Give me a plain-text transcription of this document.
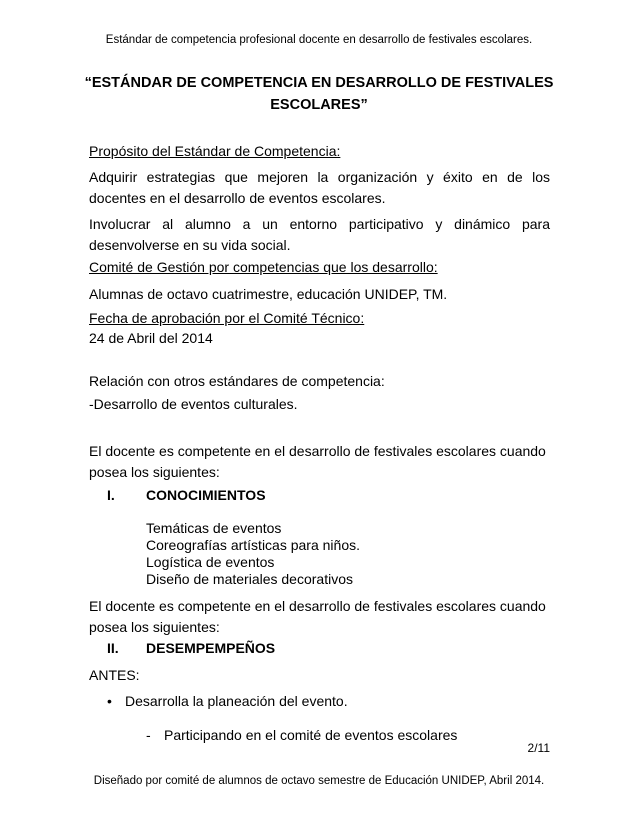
Estándar de competencia profesional docente en desarrollo de festivales escolares.
“ESTÁNDAR DE COMPETENCIA EN DESARROLLO DE FESTIVALES
ESCOLARES”
Propósito del Estándar de Competencia:
Adquirir estrategias que mejoren la organización y éxito en de los docentes en el desarrollo de eventos escolares.
Involucrar al alumno a un entorno participativo y dinámico para desenvolverse en su vida social.
Comité de Gestión por competencias que los desarrollo:
Alumnas de octavo cuatrimestre, educación UNIDEP, TM.
Fecha de aprobación por el Comité Técnico:
24 de Abril del 2014
Relación con otros estándares de competencia:
-Desarrollo de eventos culturales.
El docente es competente en el desarrollo de festivales escolares cuando posea los siguientes:
I. CONOCIMIENTOS
Temáticas de eventos
Coreografías artísticas para niños.
Logística de eventos
Diseño de materiales decorativos
El docente es competente en el desarrollo de festivales escolares cuando posea los siguientes:
II. DESEMPEMPEÑOS
ANTES:
• Desarrolla la planeación del evento.
- Participando en el comité de eventos escolares
2/11
Diseñado por comité de alumnos de octavo semestre de Educación UNIDEP, Abril 2014.
